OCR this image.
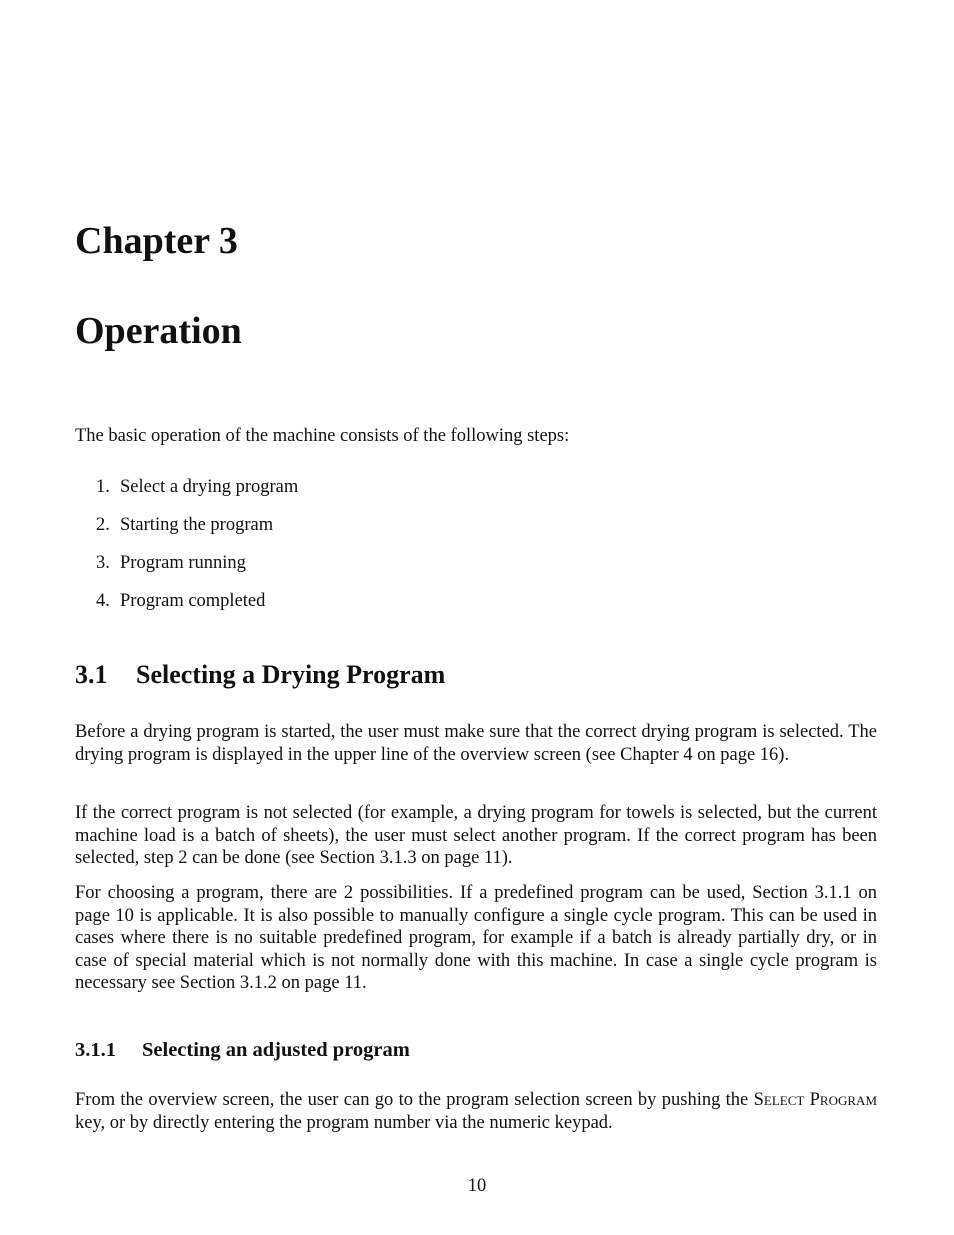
Chapter 3
Operation

The basic operation of the machine consists of the following steps:

1. Select a drying program
2. Starting the program
3. Program running
4. Program completed
3.1	Selecting a Drying Program

Before a drying program is started, the user must make sure that the correct drying program is selected. The drying program is displayed in the upper line of the overview screen (see Chapter 4 on page 16).

If the correct program is not selected (for example, a drying program for towels is selected, but the current machine load is a batch of sheets), the user must select another program. If the correct program has been selected, step 2 can be done (see Section 3.1.3 on page 11).

For choosing a program, there are 2 possibilities. If a predefined program can be used, Section 3.1.1 on page 10 is applicable. It is also possible to manually configure a single cycle program. This can be used in cases where there is no suitable predefined program, for example if a batch is already partially dry, or in case of special material which is not normally done with this machine. In case a single cycle program is necessary see Section 3.1.2 on page 11.

3.1.1	Selecting an adjusted program

From the overview screen, the user can go to the program selection screen by pushing the Select Program key, or by directly entering the program number via the numeric keypad.

10
